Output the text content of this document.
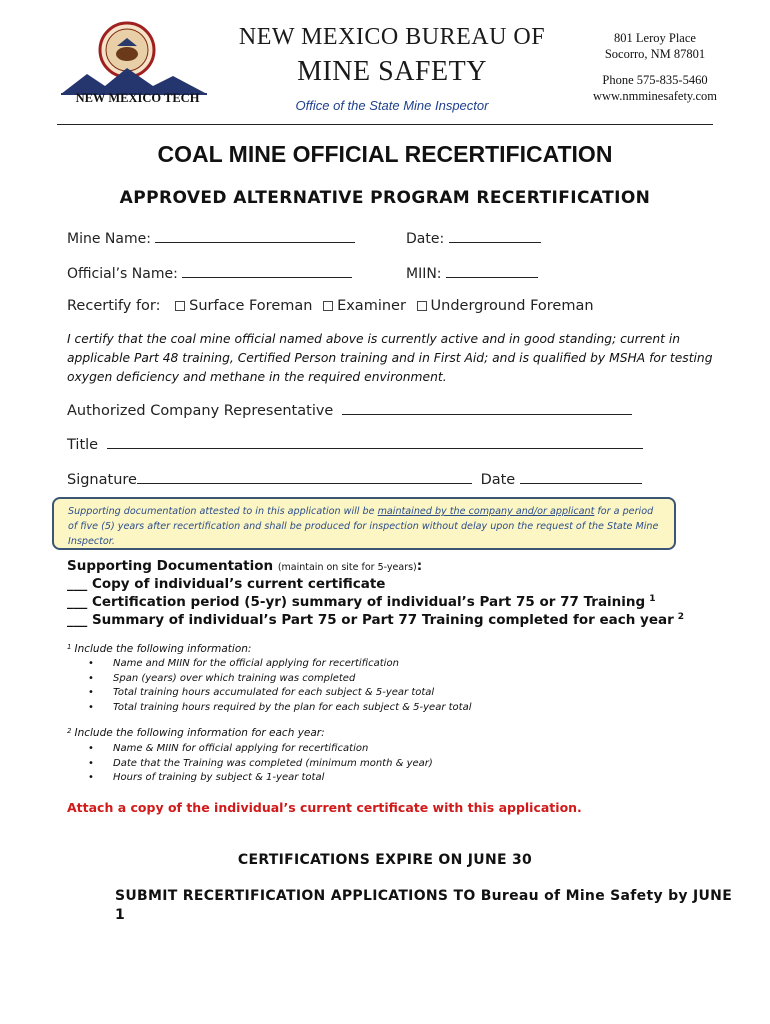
NEW MEXICO TECH
NEW MEXICO BUREAU OF
MINE SAFETY
Office of the State Mine Inspector
801 Leroy Place
Socorro, NM 87801
Phone 575-835-5460
www.nmminesafety.com
COAL MINE OFFICIAL RECERTIFICATION
APPROVED ALTERNATIVE PROGRAM RECERTIFICATION
Mine Name:	Date:
Official’s Name:	MIIN:
Recertify for: Surface Foreman Examiner Underground Foreman
I certify that the coal mine official named above is currently active and in good standing; current in applicable Part 48 training, Certified Person training and in First Aid; and is qualified by MSHA for testing oxygen deficiency and methane in the required environment.
Authorized Company Representative
Title
Signature	Date
Supporting documentation attested to in this application will be maintained by the company and/or applicant for a period of five (5) years after recertification and shall be produced for inspection without delay upon the request of the State Mine Inspector.
Supporting Documentation (maintain on site for 5-years):
___ Copy of individual’s current certificate
___ Certification period (5-yr) summary of individual’s Part 75 or 77 Training $^1$
___ Summary of individual’s Part 75 or Part 77 Training completed for each year $^2$
$^1$ Include the following information:
• Name and MIIN for the official applying for recertification
• Span (years) over which training was completed
• Total training hours accumulated for each subject & 5-year total
• Total training hours required by the plan for each subject & 5-year total
$^2$ Include the following information for each year:
• Name & MIIN for official applying for recertification
• Date that the Training was completed (minimum month & year)
• Hours of training by subject & 1-year total
Attach a copy of the individual’s current certificate with this application.
CERTIFICATIONS EXPIRE ON JUNE 30
SUBMIT RECERTIFICATION APPLICATIONS TO Bureau of Mine Safety by JUNE 1
